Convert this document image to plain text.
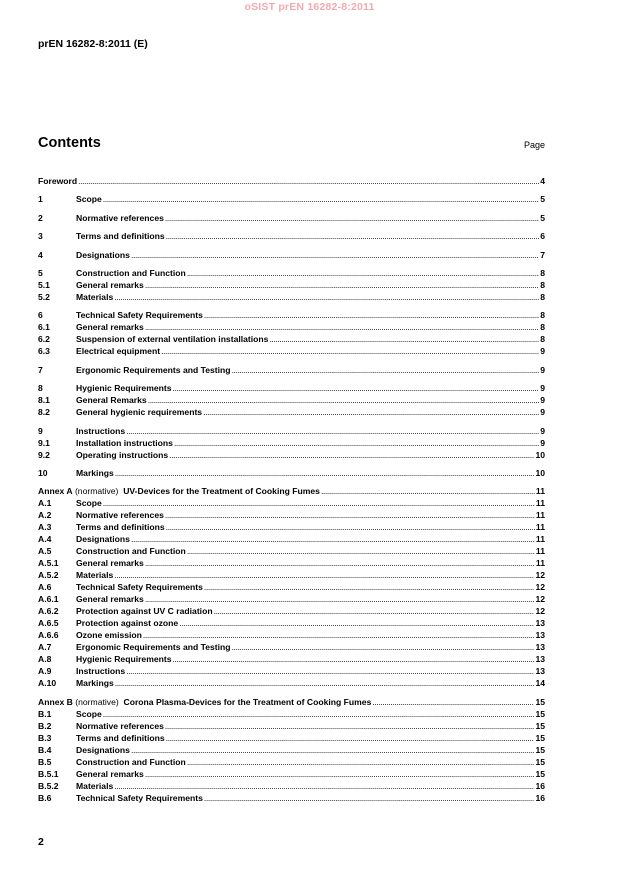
oSIST prEN 16282-8:2011
prEN 16282-8:2011 (E)
Contents	Page
Foreword .....	4
1	Scope .....	5
2	Normative references .....	5
3	Terms and definitions .....	6
4	Designations .....	7
5	Construction and Function .....	8
5.1	General remarks .....	8
5.2	Materials .....	8
6	Technical Safety Requirements .....	8
6.1	General remarks .....	8
6.2	Suspension of external ventilation installations .....	8
6.3	Electrical equipment .....	9
7	Ergonomic Requirements and Testing .....	9
8	Hygienic Requirements .....	9
8.1	General Remarks .....	9
8.2	General hygienic requirements .....	9
9	Instructions .....	9
9.1	Installation instructions .....	9
9.2	Operating instructions .....	10
10	Markings .....	10
Annex A
(normative)
UV-Devices for the Treatment of Cooking Fumes .....	11
A.1	Scope .....	11
A.2	Normative references .....	11
A.3	Terms and definitions .....	11
A.4	Designations .....	11
A.5	Construction and Function .....	11
A.5.1	General remarks .....	11
A.5.2	Materials .....	12
A.6	Technical Safety Requirements .....	12
A.6.1	General remarks .....	12
A.6.2	Protection against UV C radiation .....	12
A.6.5	Protection against ozone .....	13
A.6.6	Ozone emission .....	13
A.7	Ergonomic Requirements and Testing .....	13
A.8	Hygienic Requirements .....	13
A.9	Instructions .....	13
A.10	Markings .....	14
Annex B
(normative)
Corona Plasma-Devices for the Treatment of Cooking Fumes .....	15
B.1	Scope .....	15
B.2	Normative references .....	15
B.3	Terms and definitions .....	15
B.4	Designations .....	15
B.5	Construction and Function .....	15
B.5.1	General remarks .....	15
B.5.2	Materials .....	16
B.6	Technical Safety Requirements .....	16
2
